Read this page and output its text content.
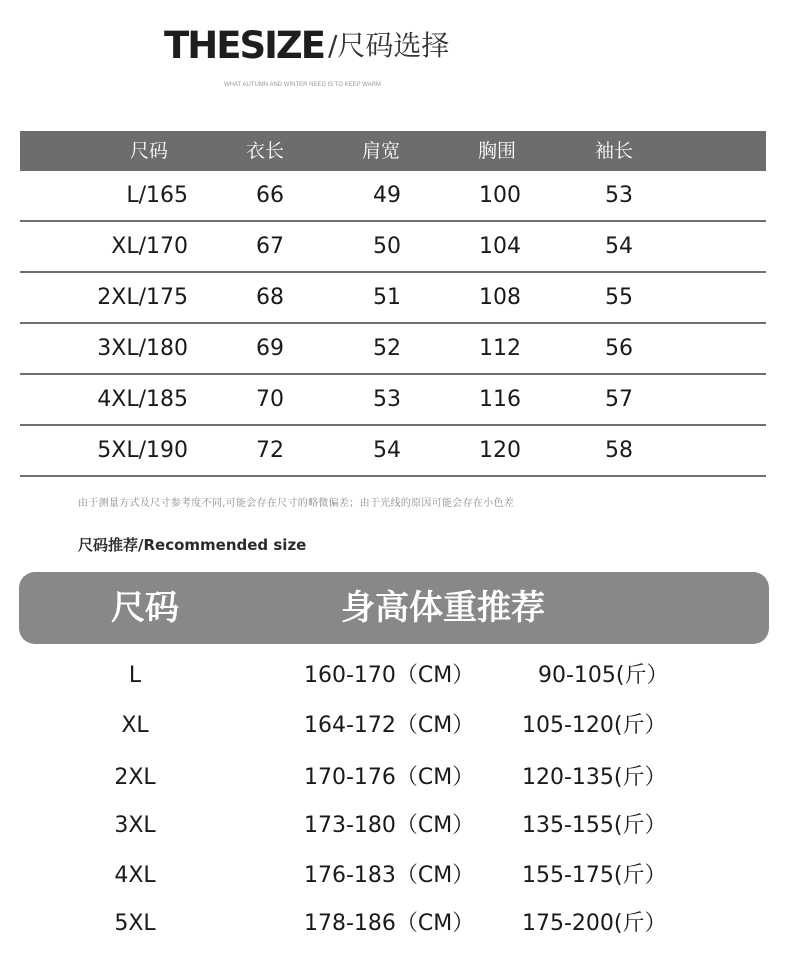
THESIZE /尺码选择
WHAT AUTUMN AND WINTER NEED IS TO KEEP WARM
尺码	衣长	肩宽	胸围	袖长
L/165	66	49	100	53
XL/170	67	50	104	54
2XL/175	68	51	108	55
3XL/180	69	52	112	56
4XL/185	70	53	116	57
5XL/190	72	54	120	58
由于测量方式及尺寸参考度不同,可能会存在尺寸的略微偏差；由于光线的原因可能会存在小色差
尺码推荐/Recommended size
尺码	身高体重推荐
L	160-170（CM）	90-105(斤）
XL	164-172（CM） 105-120(斤）
2XL	170-176（CM） 120-135(斤）
3XL	173-180（CM） 135-155(斤）
4XL	176-183（CM） 155-175(斤）
5XL	178-186（CM） 175-200(斤）
